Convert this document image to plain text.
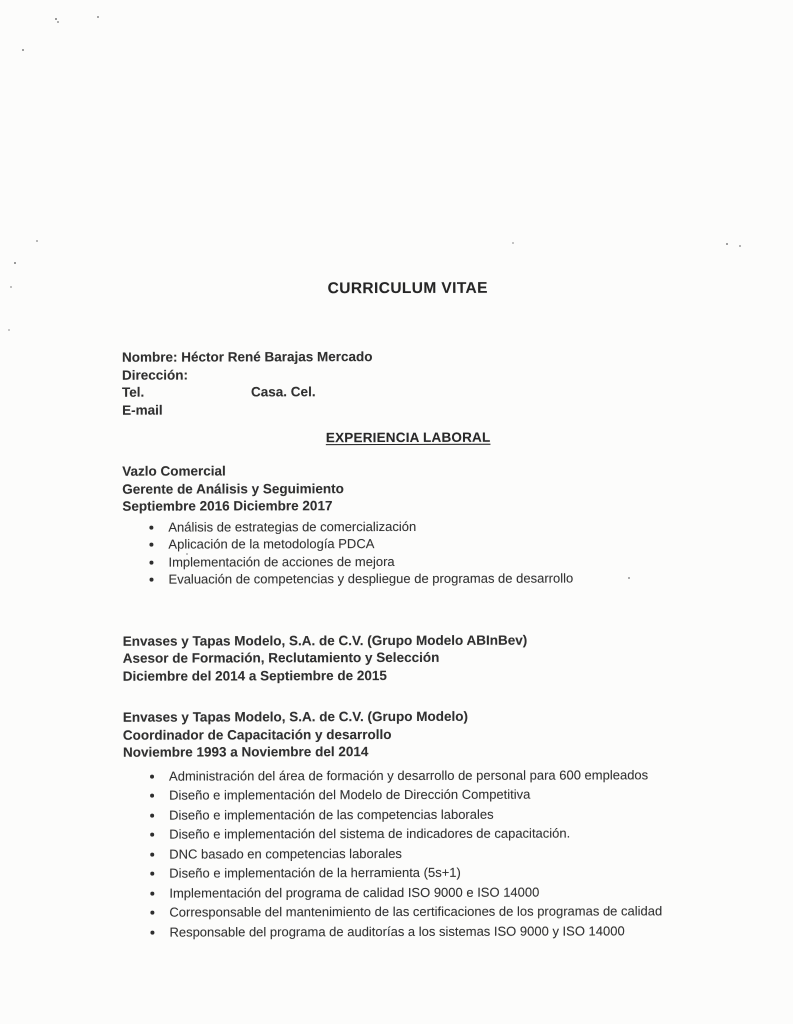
CURRICULUM VITAE
Nombre: Héctor René Barajas Mercado
Dirección:
Tel.	Casa. Cel.
E-mail
EXPERIENCIA LABORAL
Vazlo Comercial
Gerente de Análisis y Seguimiento
Septiembre 2016 Diciembre 2017
Análisis de estrategias de comercialización
Aplicación de la metodología PDCA
Implementación de acciones de mejora
Evaluación de competencias y despliegue de programas de desarrollo
Envases y Tapas Modelo, S.A. de C.V. (Grupo Modelo ABInBev)
Asesor de Formación, Reclutamiento y Selección
Diciembre del 2014 a Septiembre de 2015
Envases y Tapas Modelo, S.A. de C.V. (Grupo Modelo)
Coordinador de Capacitación y desarrollo
Noviembre 1993 a Noviembre del 2014
Administración del área de formación y desarrollo de personal para 600 empleados
Diseño e implementación del Modelo de Dirección Competitiva
Diseño e implementación de las competencias laborales
Diseño e implementación del sistema de indicadores de capacitación.
DNC basado en competencias laborales
Diseño e implementación de la herramienta (5s+1)
Implementación del programa de calidad ISO 9000 e ISO 14000
Corresponsable del mantenimiento de las certificaciones de los programas de calidad
Responsable del programa de auditorías a los sistemas ISO 9000 y ISO 14000
